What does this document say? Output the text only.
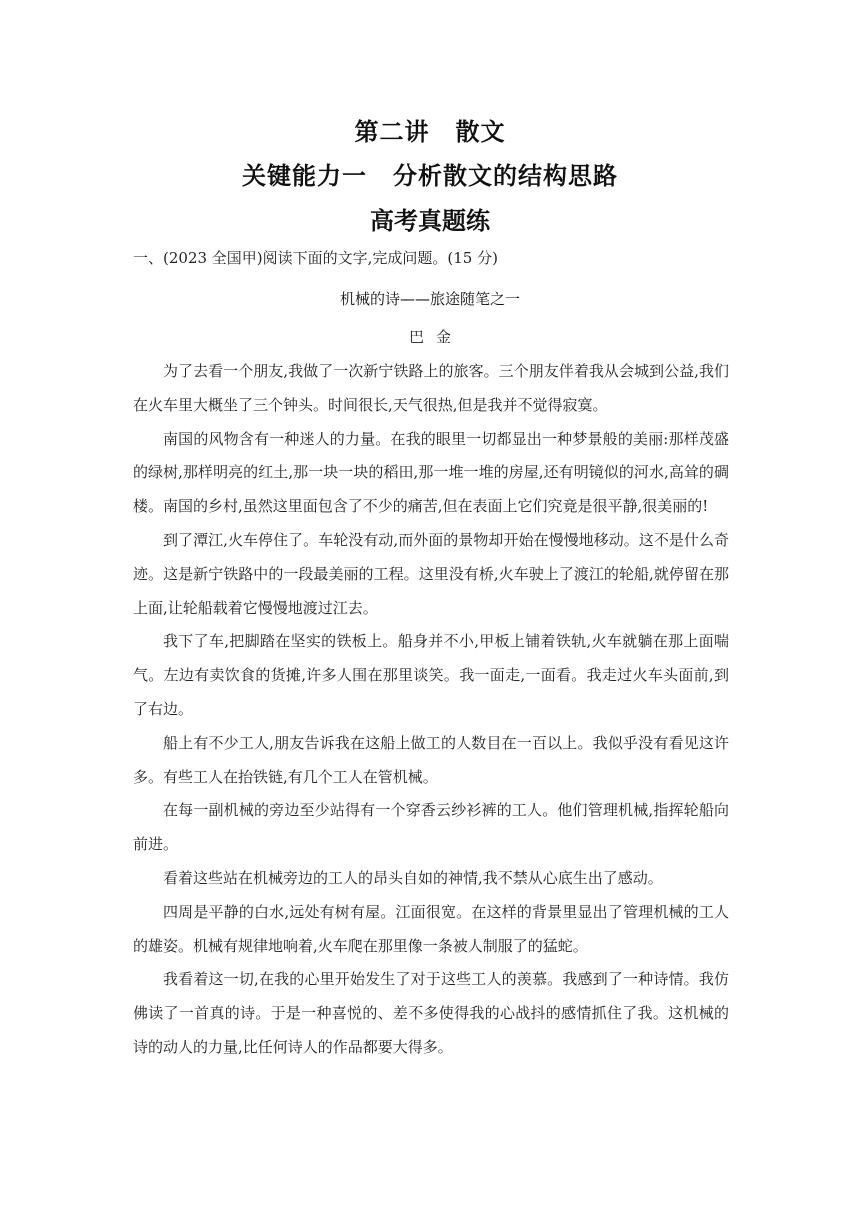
第二讲 散文
关键能力一 分析散文的结构思路
高考真题练

一、(2023 全国甲)阅读下面的文字,完成问题。(15 分)

机械的诗——旅途随笔之一

巴金

为了去看一个朋友,我做了一次新宁铁路上的旅客。三个朋友伴着我从会城到公益,我们在火车里大概坐了三个钟头。时间很长,天气很热,但是我并不觉得寂寞。

南国的风物含有一种迷人的力量。在我的眼里一切都显出一种梦景般的美丽:那样茂盛的绿树,那样明亮的红土,那一块一块的稻田,那一堆一堆的房屋,还有明镜似的河水,高耸的碉楼。南国的乡村,虽然这里面包含了不少的痛苦,但在表面上它们究竟是很平静,很美丽的!

到了潭江,火车停住了。车轮没有动,而外面的景物却开始在慢慢地移动。这不是什么奇迹。这是新宁铁路中的一段最美丽的工程。这里没有桥,火车驶上了渡江的轮船,就停留在那上面,让轮船载着它慢慢地渡过江去。

我下了车,把脚踏在坚实的铁板上。船身并不小,甲板上铺着铁轨,火车就躺在那上面喘气。左边有卖饮食的货摊,许多人围在那里谈笑。我一面走,一面看。我走过火车头面前,到了右边。

船上有不少工人,朋友告诉我在这船上做工的人数目在一百以上。我似乎没有看见这许多。有些工人在抬铁链,有几个工人在管机械。

在每一副机械的旁边至少站得有一个穿香云纱衫裤的工人。他们管理机械,指挥轮船向前进。

看着这些站在机械旁边的工人的昂头自如的神情,我不禁从心底生出了感动。

四周是平静的白水,远处有树有屋。江面很宽。在这样的背景里显出了管理机械的工人的雄姿。机械有规律地响着,火车爬在那里像一条被人制服了的猛蛇。

我看着这一切,在我的心里开始发生了对于这些工人的羡慕。我感到了一种诗情。我仿佛读了一首真的诗。于是一种喜悦的、差不多使得我的心战抖的感情抓住了我。这机械的诗的动人的力量,比任何诗人的作品都要大得多。
